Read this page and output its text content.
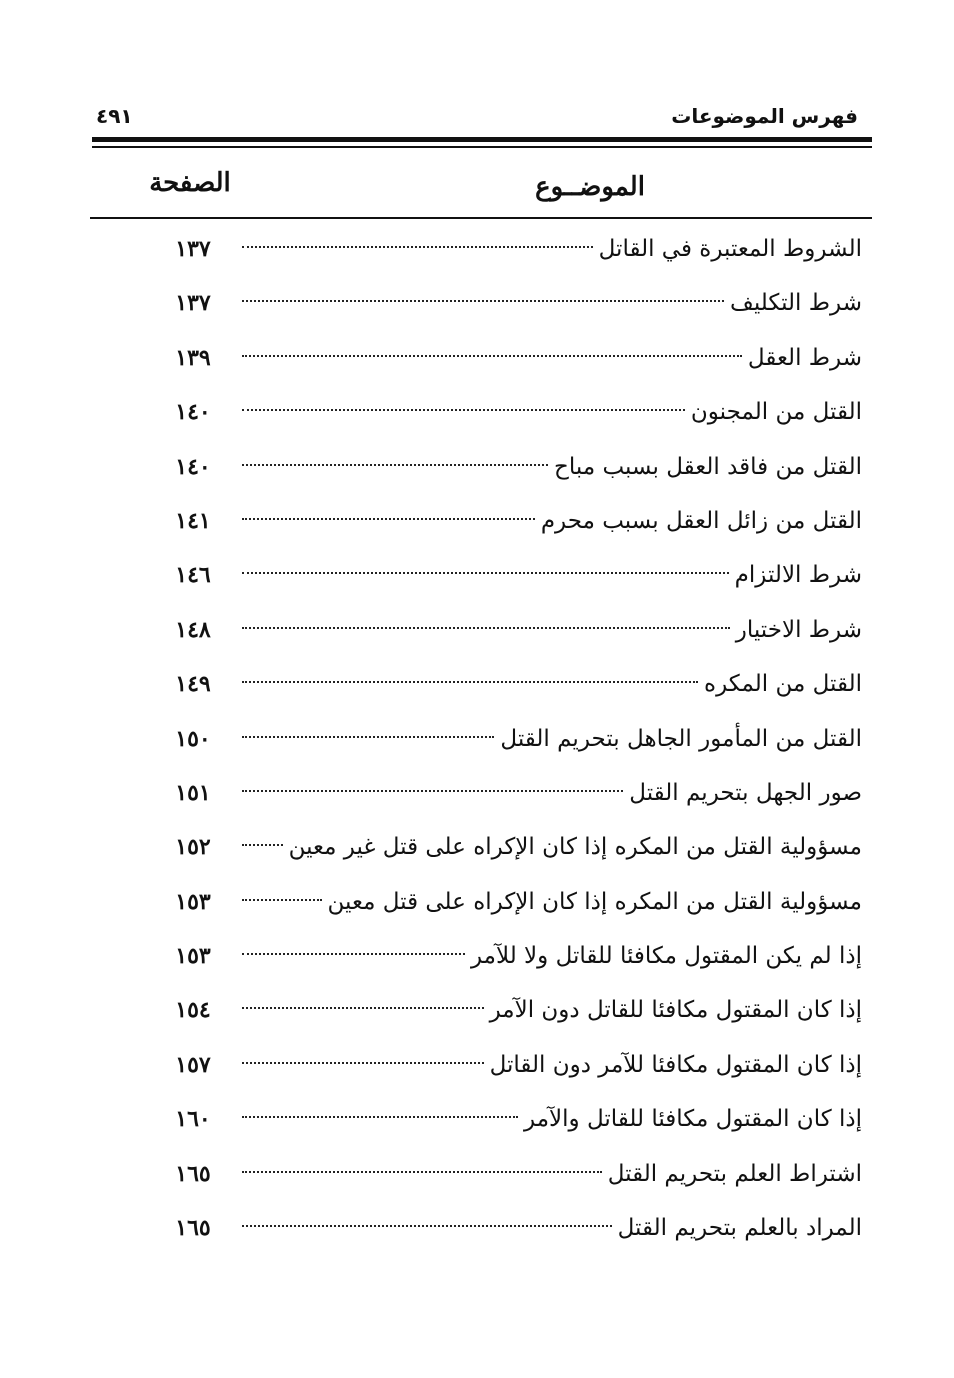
فهرس الموضوعات
٤٩١
الموضــوع
الصفحة
الشروط المعتبرة في القاتل
١٣٧
شرط التكليف
١٣٧
شرط العقل
١٣٩
القتل من المجنون
١٤٠
القتل من فاقد العقل بسبب مباح
١٤٠
القتل من زائل العقل بسبب محرم
١٤١
شرط الالتزام
١٤٦
شرط الاختيار
١٤٨
القتل من المكره
١٤٩
القتل من المأمور الجاهل بتحريم القتل
١٥٠
صور الجهل بتحريم القتل
١٥١
مسؤولية القتل من المكره إذا كان الإكراه على قتل غير معين
١٥٢
مسؤولية القتل من المكره إذا كان الإكراه على قتل معين
١٥٣
إذا لم يكن المقتول مكافئا للقاتل ولا للآمر
١٥٣
إذا كان المقتول مكافئا للقاتل دون الآمر
١٥٤
إذا كان المقتول مكافئا للآمر دون القاتل
١٥٧
إذا كان المقتول مكافئا للقاتل والآمر
١٦٠
اشتراط العلم بتحريم القتل
١٦٥
المراد بالعلم بتحريم القتل
١٦٥
